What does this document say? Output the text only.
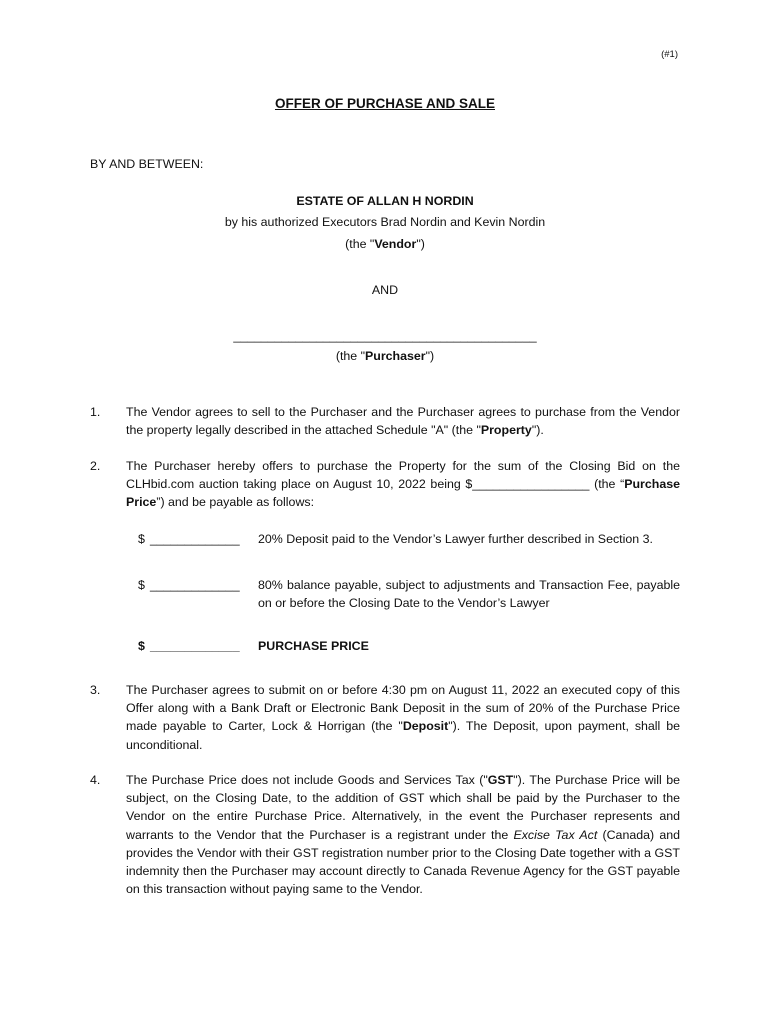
(#1)
OFFER OF PURCHASE AND SALE
BY AND BETWEEN:
ESTATE OF ALLAN H NORDIN
by his authorized Executors Brad Nordin and Kevin Nordin
(the "Vendor")
AND
____________________________________________
(the "Purchaser")
1. The Vendor agrees to sell to the Purchaser and the Purchaser agrees to purchase from the Vendor the property legally described in the attached Schedule "A" (the "Property").
2. The Purchaser hereby offers to purchase the Property for the sum of the Closing Bid on the CLHbid.com auction taking place on August 10, 2022 being $_________________ (the “Purchase Price”) and be payable as follows:
$ _____________ 20% Deposit paid to the Vendor’s Lawyer further described in Section 3.
$ _____________ 80% balance payable, subject to adjustments and Transaction Fee, payable on or before the Closing Date to the Vendor’s Lawyer
$ _____________ PURCHASE PRICE
3. The Purchaser agrees to submit on or before 4:30 pm on August 11, 2022 an executed copy of this Offer along with a Bank Draft or Electronic Bank Deposit in the sum of 20% of the Purchase Price made payable to Carter, Lock & Horrigan (the "Deposit"). The Deposit, upon payment, shall be unconditional.
4. The Purchase Price does not include Goods and Services Tax ("GST"). The Purchase Price will be subject, on the Closing Date, to the addition of GST which shall be paid by the Purchaser to the Vendor on the entire Purchase Price. Alternatively, in the event the Purchaser represents and warrants to the Vendor that the Purchaser is a registrant under the Excise Tax Act (Canada) and provides the Vendor with their GST registration number prior to the Closing Date together with a GST indemnity then the Purchaser may account directly to Canada Revenue Agency for the GST payable on this transaction without paying same to the Vendor.
